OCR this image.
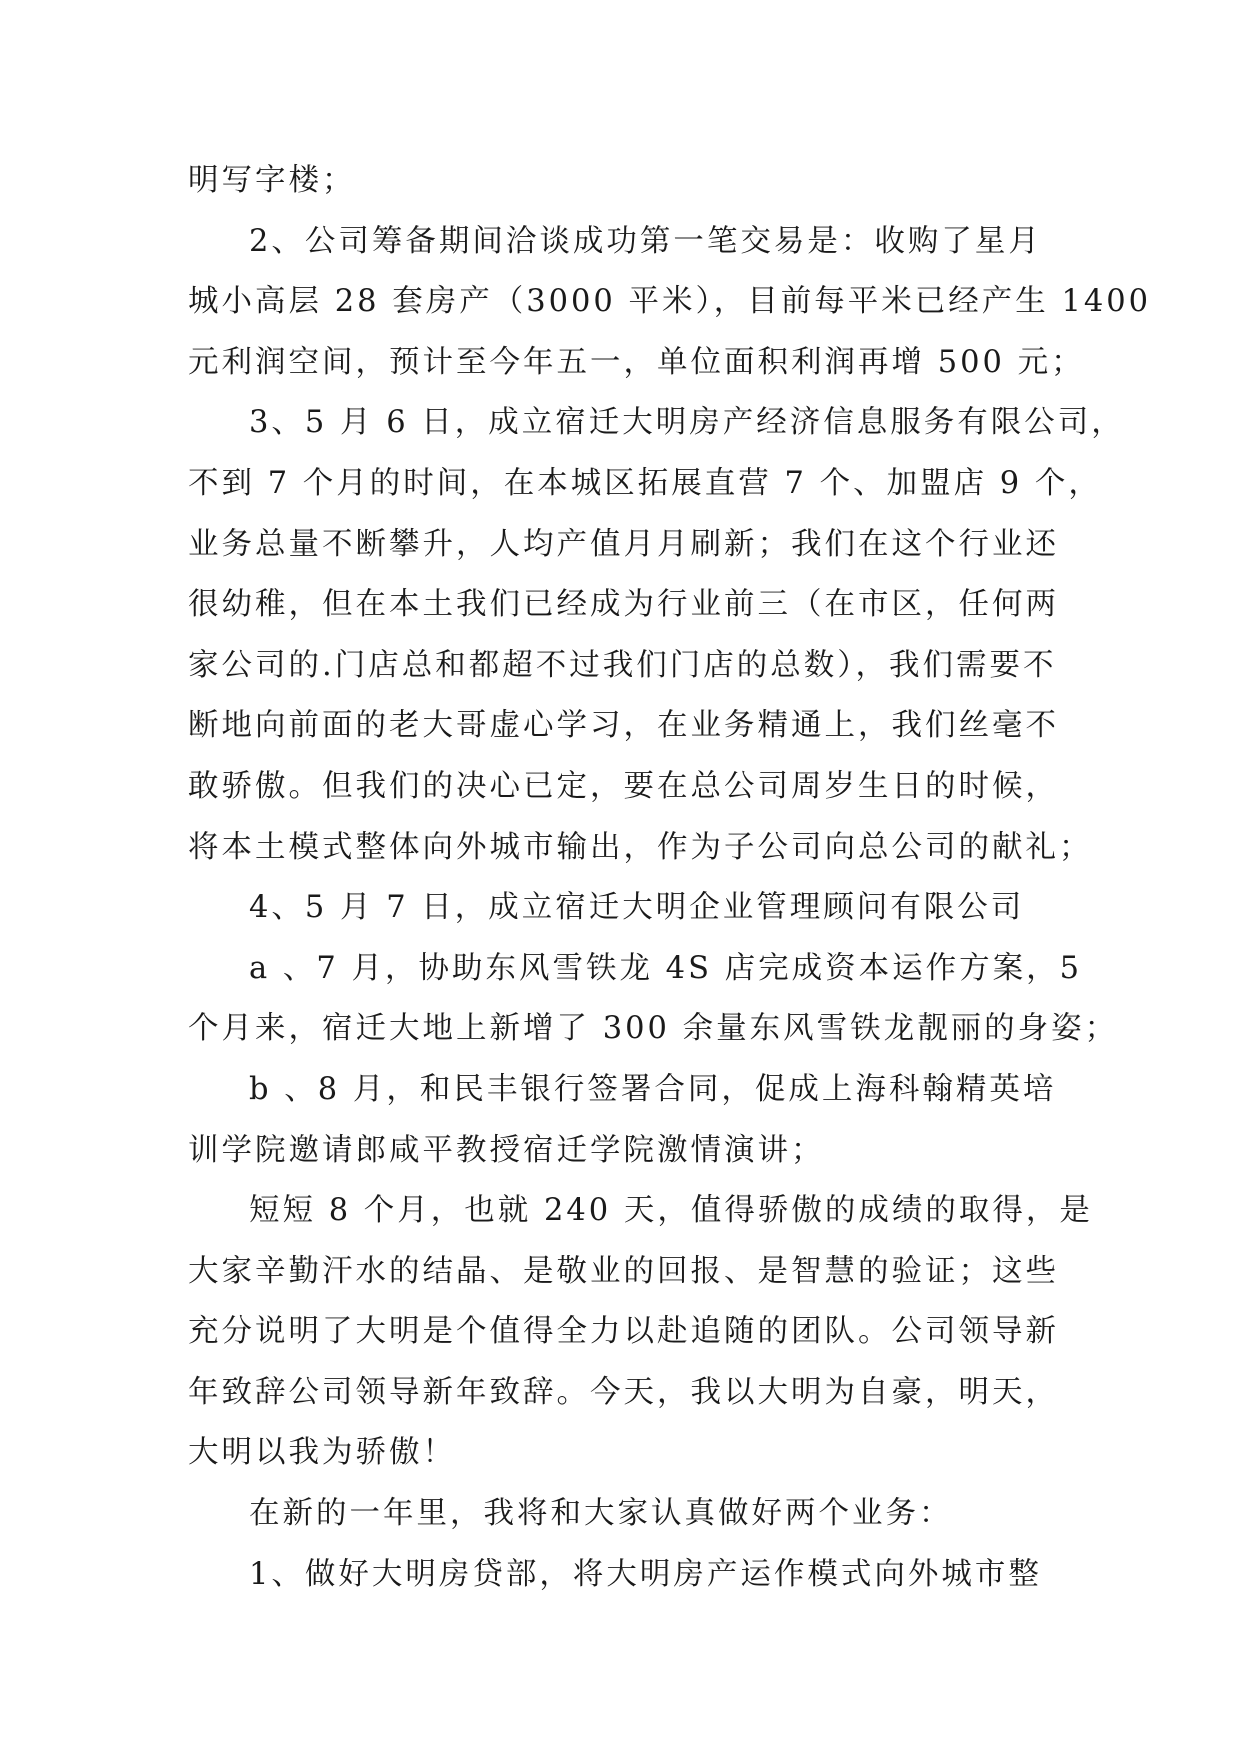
明写字楼；
2、公司筹备期间洽谈成功第一笔交易是：收购了星月
城小高层 28 套房产（3000 平米），目前每平米已经产生 1400
元利润空间，预计至今年五一，单位面积利润再增 500 元；
3、5 月 6 日，成立宿迁大明房产经济信息服务有限公司，
不到 7 个月的时间，在本城区拓展直营 7 个、加盟店 9 个，
业务总量不断攀升，人均产值月月刷新；我们在这个行业还
很幼稚，但在本土我们已经成为行业前三（在市区，任何两
家公司的.门店总和都超不过我们门店的总数），我们需要不
断地向前面的老大哥虚心学习，在业务精通上，我们丝毫不
敢骄傲。但我们的决心已定，要在总公司周岁生日的时候，
将本土模式整体向外城市输出，作为子公司向总公司的献礼；
4、5 月 7 日，成立宿迁大明企业管理顾问有限公司
a 、7 月，协助东风雪铁龙 4S 店完成资本运作方案，5
个月来，宿迁大地上新增了 300 余量东风雪铁龙靓丽的身姿；
b 、8 月，和民丰银行签署合同，促成上海科翰精英培
训学院邀请郎咸平教授宿迁学院激情演讲；
短短 8 个月，也就 240 天，值得骄傲的成绩的取得，是
大家辛勤汗水的结晶、是敬业的回报、是智慧的验证；这些
充分说明了大明是个值得全力以赴追随的团队。公司领导新
年致辞公司领导新年致辞。今天，我以大明为自豪，明天，
大明以我为骄傲！
在新的一年里，我将和大家认真做好两个业务：
1、做好大明房贷部，将大明房产运作模式向外城市整
